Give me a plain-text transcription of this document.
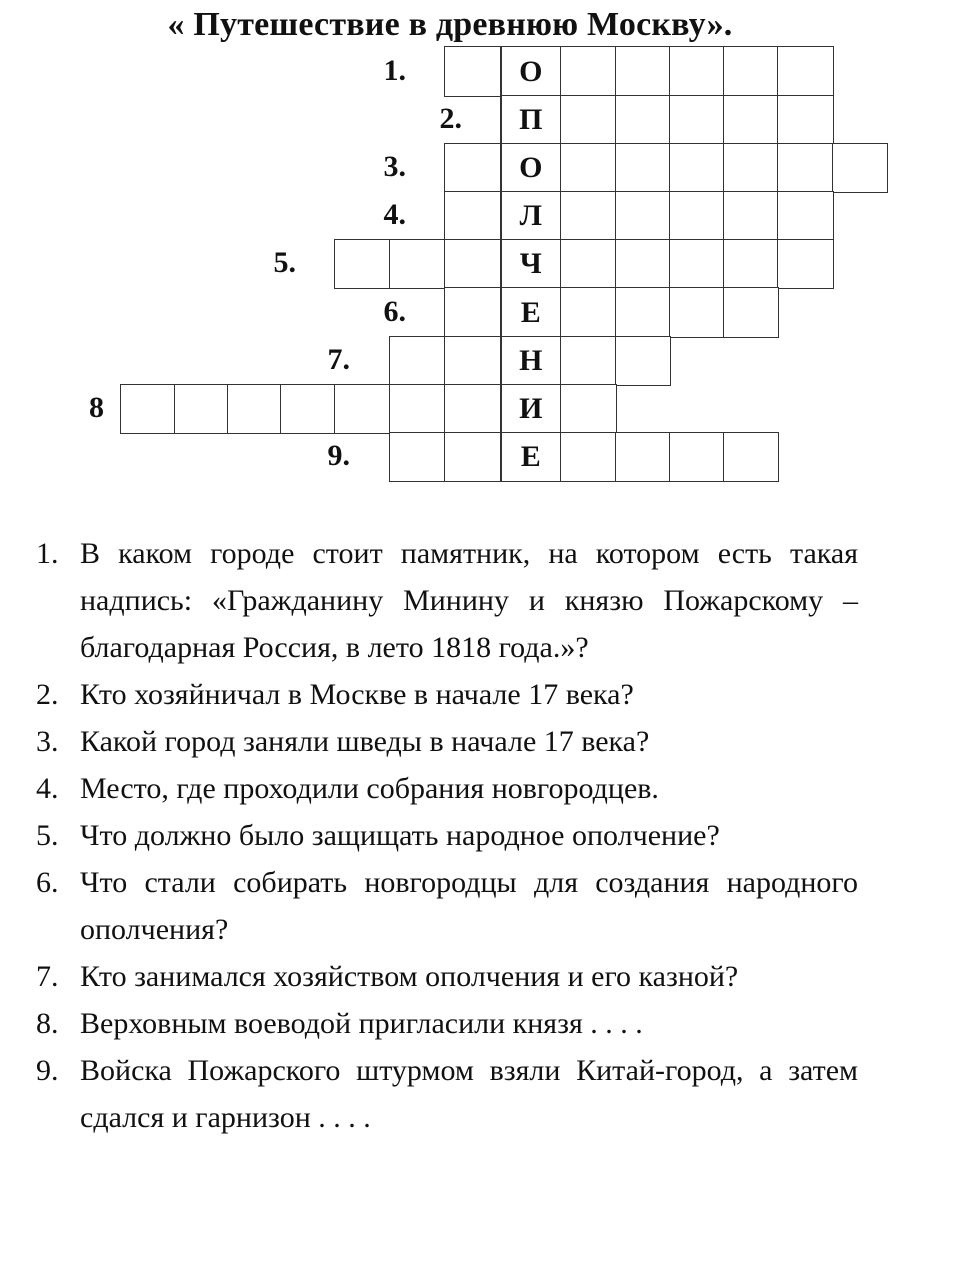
« Путешествие в древнюю Москву».
1.	О
2.	П
3.	О
4.	Л
5.	Ч
6.	Е
7.	Н
8	И
9.	Е
1. В каком городе стоит памятник, на котором есть такая надпись: «Гражданину Минину и князю Пожарскому – благодарная Россия, в лето 1818 года.»?
2. Кто хозяйничал в Москве в начале 17 века?
3. Какой город заняли шведы в начале 17 века?
4. Место, где проходили собрания новгородцев.
5. Что должно было защищать народное ополчение?
6. Что стали собирать новгородцы для создания народного ополчения?
7. Кто занимался хозяйством ополчения и его казной?
8. Верховным воеводой пригласили князя . . . .
9. Войска Пожарского штурмом взяли Китай-город, а затем сдался и гарнизон . . . .
